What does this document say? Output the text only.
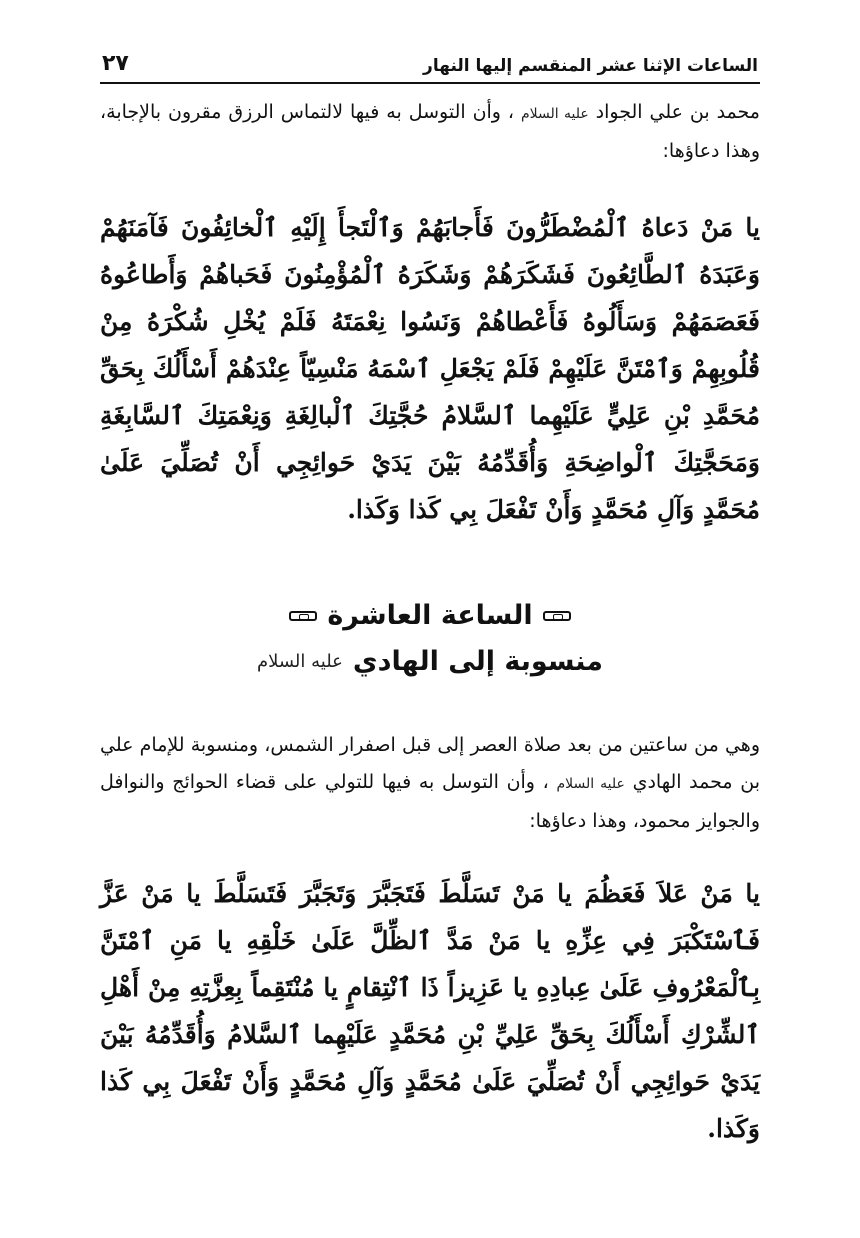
الساعات الإثنا عشر المنقسم إليها النهار
٢٧

محمد بن علي الجواد عليه السلام ، وأن التوسل به فيها لالتماس الرزق مقرون بالإجابة، وهذا دعاؤها:

يا مَنْ دَعاهُ ٱلْمُضْطَرُّونَ فَأَجابَهُمْ وَٱلْتَجأَ إِلَيْهِ ٱلْخائِفُونَ فَآمَنَهُمْ وَعَبَدَهُ ٱلطَّائِعُونَ فَشَكَرَهُمْ وَشَكَرَهُ ٱلْمُؤْمِنُونَ فَحَباهُمْ وَأَطاعُوهُ فَعَصَمَهُمْ وَسَأَلُوهُ فَأَعْطاهُمْ وَنَسُوا نِعْمَتَهُ فَلَمْ يُخْلِ شُكْرَهُ مِنْ قُلُوبِهِمْ وَٱمْتَنَّ عَلَيْهِمْ فَلَمْ يَجْعَلِ ٱسْمَهُ مَنْسِيّاً عِنْدَهُمْ أَسْأَلُكَ بِحَقِّ مُحَمَّدِ بْنِ عَلِيٍّ عَلَيْهِما ٱلسَّلامُ حُجَّتِكَ ٱلْبالِغَةِ وَنِعْمَتِكَ ٱلسَّابِغَةِ وَمَحَجَّتِكَ ٱلْواضِحَةِ وَأُقَدِّمُهُ بَيْنَ يَدَيْ حَوائِجِي أَنْ تُصَلِّيَ عَلَىٰ مُحَمَّدٍ وَآلِ مُحَمَّدٍ وَأَنْ تَفْعَلَ بِي كَذا وَكَذا.

الساعة العاشرة
منسوبة إلى الهادي
عليه السلام

وهي من ساعتين من بعد صلاة العصر إلى قبل اصفرار الشمس، ومنسوبة للإمام علي بن محمد الهادي عليه السلام ، وأن التوسل به فيها للتولي على قضاء الحوائج والنوافل والجوايز محمود، وهذا دعاؤها:

يا مَنْ عَلاَ فَعَظُمَ يا مَنْ تَسَلَّطَ فَتَجَبَّرَ وَتَجَبَّرَ فَتَسَلَّطَ يا مَنْ عَزَّ فَٱسْتَكْبَرَ فِي عِزِّهِ يا مَنْ مَدَّ ٱلظِّلَّ عَلَىٰ خَلْقِهِ يا مَنِ ٱمْتَنَّ بِٱلْمَعْرُوفِ عَلَىٰ عِبادِهِ يا عَزِيزاً ذَا ٱنْتِقامٍ يا مُنْتَقِماً بِعِزَّتِهِ مِنْ أَهْلِ ٱلشِّرْكِ أَسْأَلُكَ بِحَقِّ عَلِيِّ بْنِ مُحَمَّدٍ عَلَيْهِما ٱلسَّلامُ وَأُقَدِّمُهُ بَيْنَ يَدَيْ حَوائِجِي أَنْ تُصَلِّيَ عَلَىٰ مُحَمَّدٍ وَآلِ مُحَمَّدٍ وَأَنْ تَفْعَلَ بِي كَذا وَكَذا.
